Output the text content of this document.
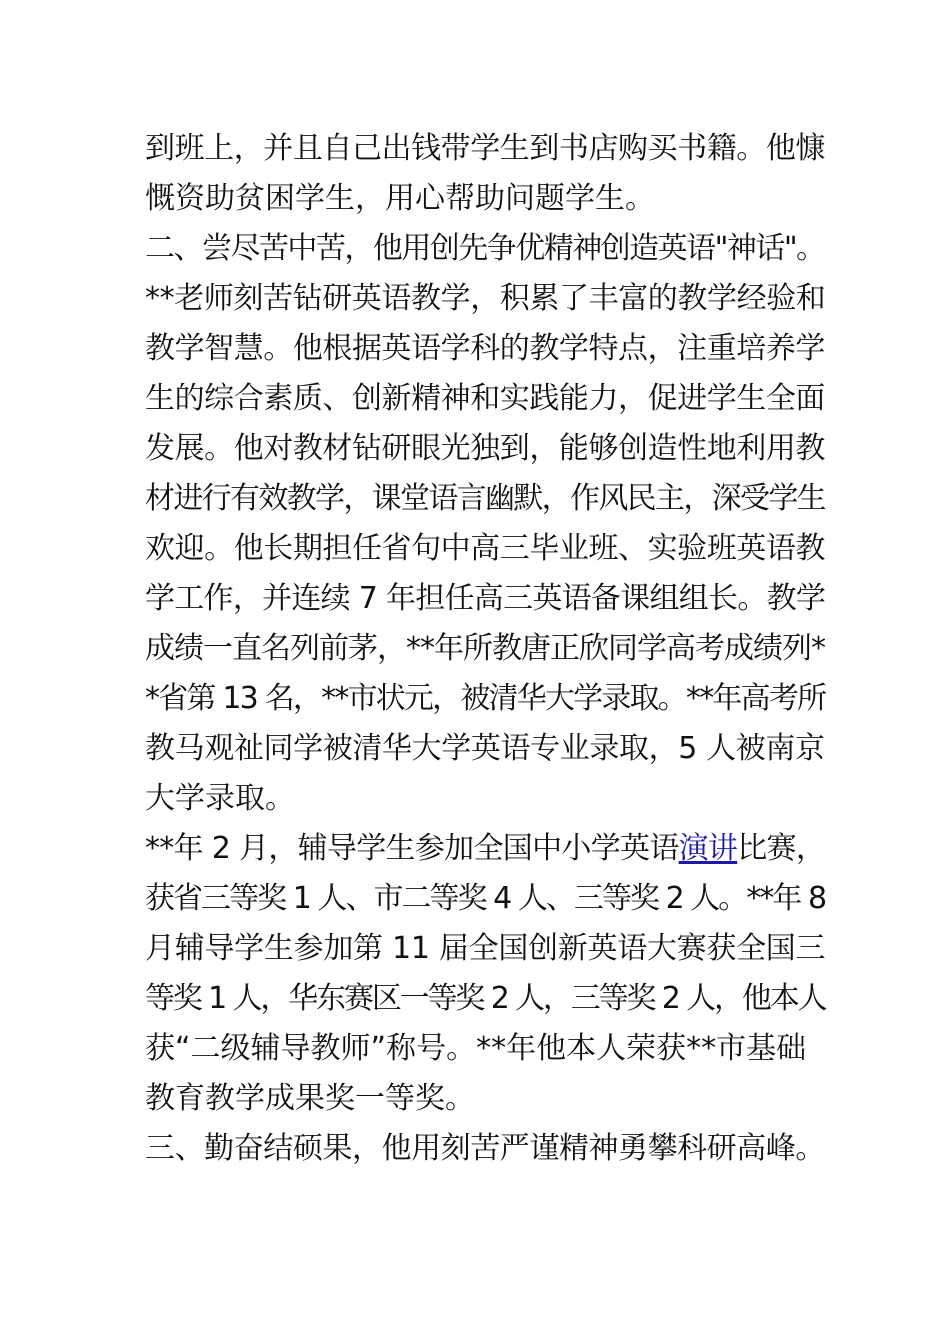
到班上，并且自己出钱带学生到书店购买书籍。他慷
慨资助贫困学生，用心帮助问题学生。
二、尝尽苦中苦，他用创先争优精神创造英语"神话"。
**老师刻苦钻研英语教学，积累了丰富的教学经验和
教学智慧。他根据英语学科的教学特点，注重培养学
生的综合素质、创新精神和实践能力，促进学生全面
发展。他对教材钻研眼光独到，能够创造性地利用教
材进行有效教学，课堂语言幽默，作风民主，深受学生
欢迎。他长期担任省句中高三毕业班、实验班英语教
学工作，并连续 7 年担任高三英语备课组组长。教学
成绩一直名列前茅，**年所教唐正欣同学高考成绩列*
*省第 13 名，**市状元，被清华大学录取。**年高考所
教马观祉同学被清华大学英语专业录取，5 人被南京
大学录取。
**年 2 月，辅导学生参加全国中小学英语演讲比赛，
获省三等奖 1 人、市二等奖 4 人、三等奖 2 人。**年 8
月辅导学生参加第 11 届全国创新英语大赛获全国三
等奖 1 人，华东赛区一等奖 2 人，三等奖 2 人，他本人
获“二级辅导教师”称号。**年他本人荣获**市基础
教育教学成果奖一等奖。
三、勤奋结硕果，他用刻苦严谨精神勇攀科研高峰。
